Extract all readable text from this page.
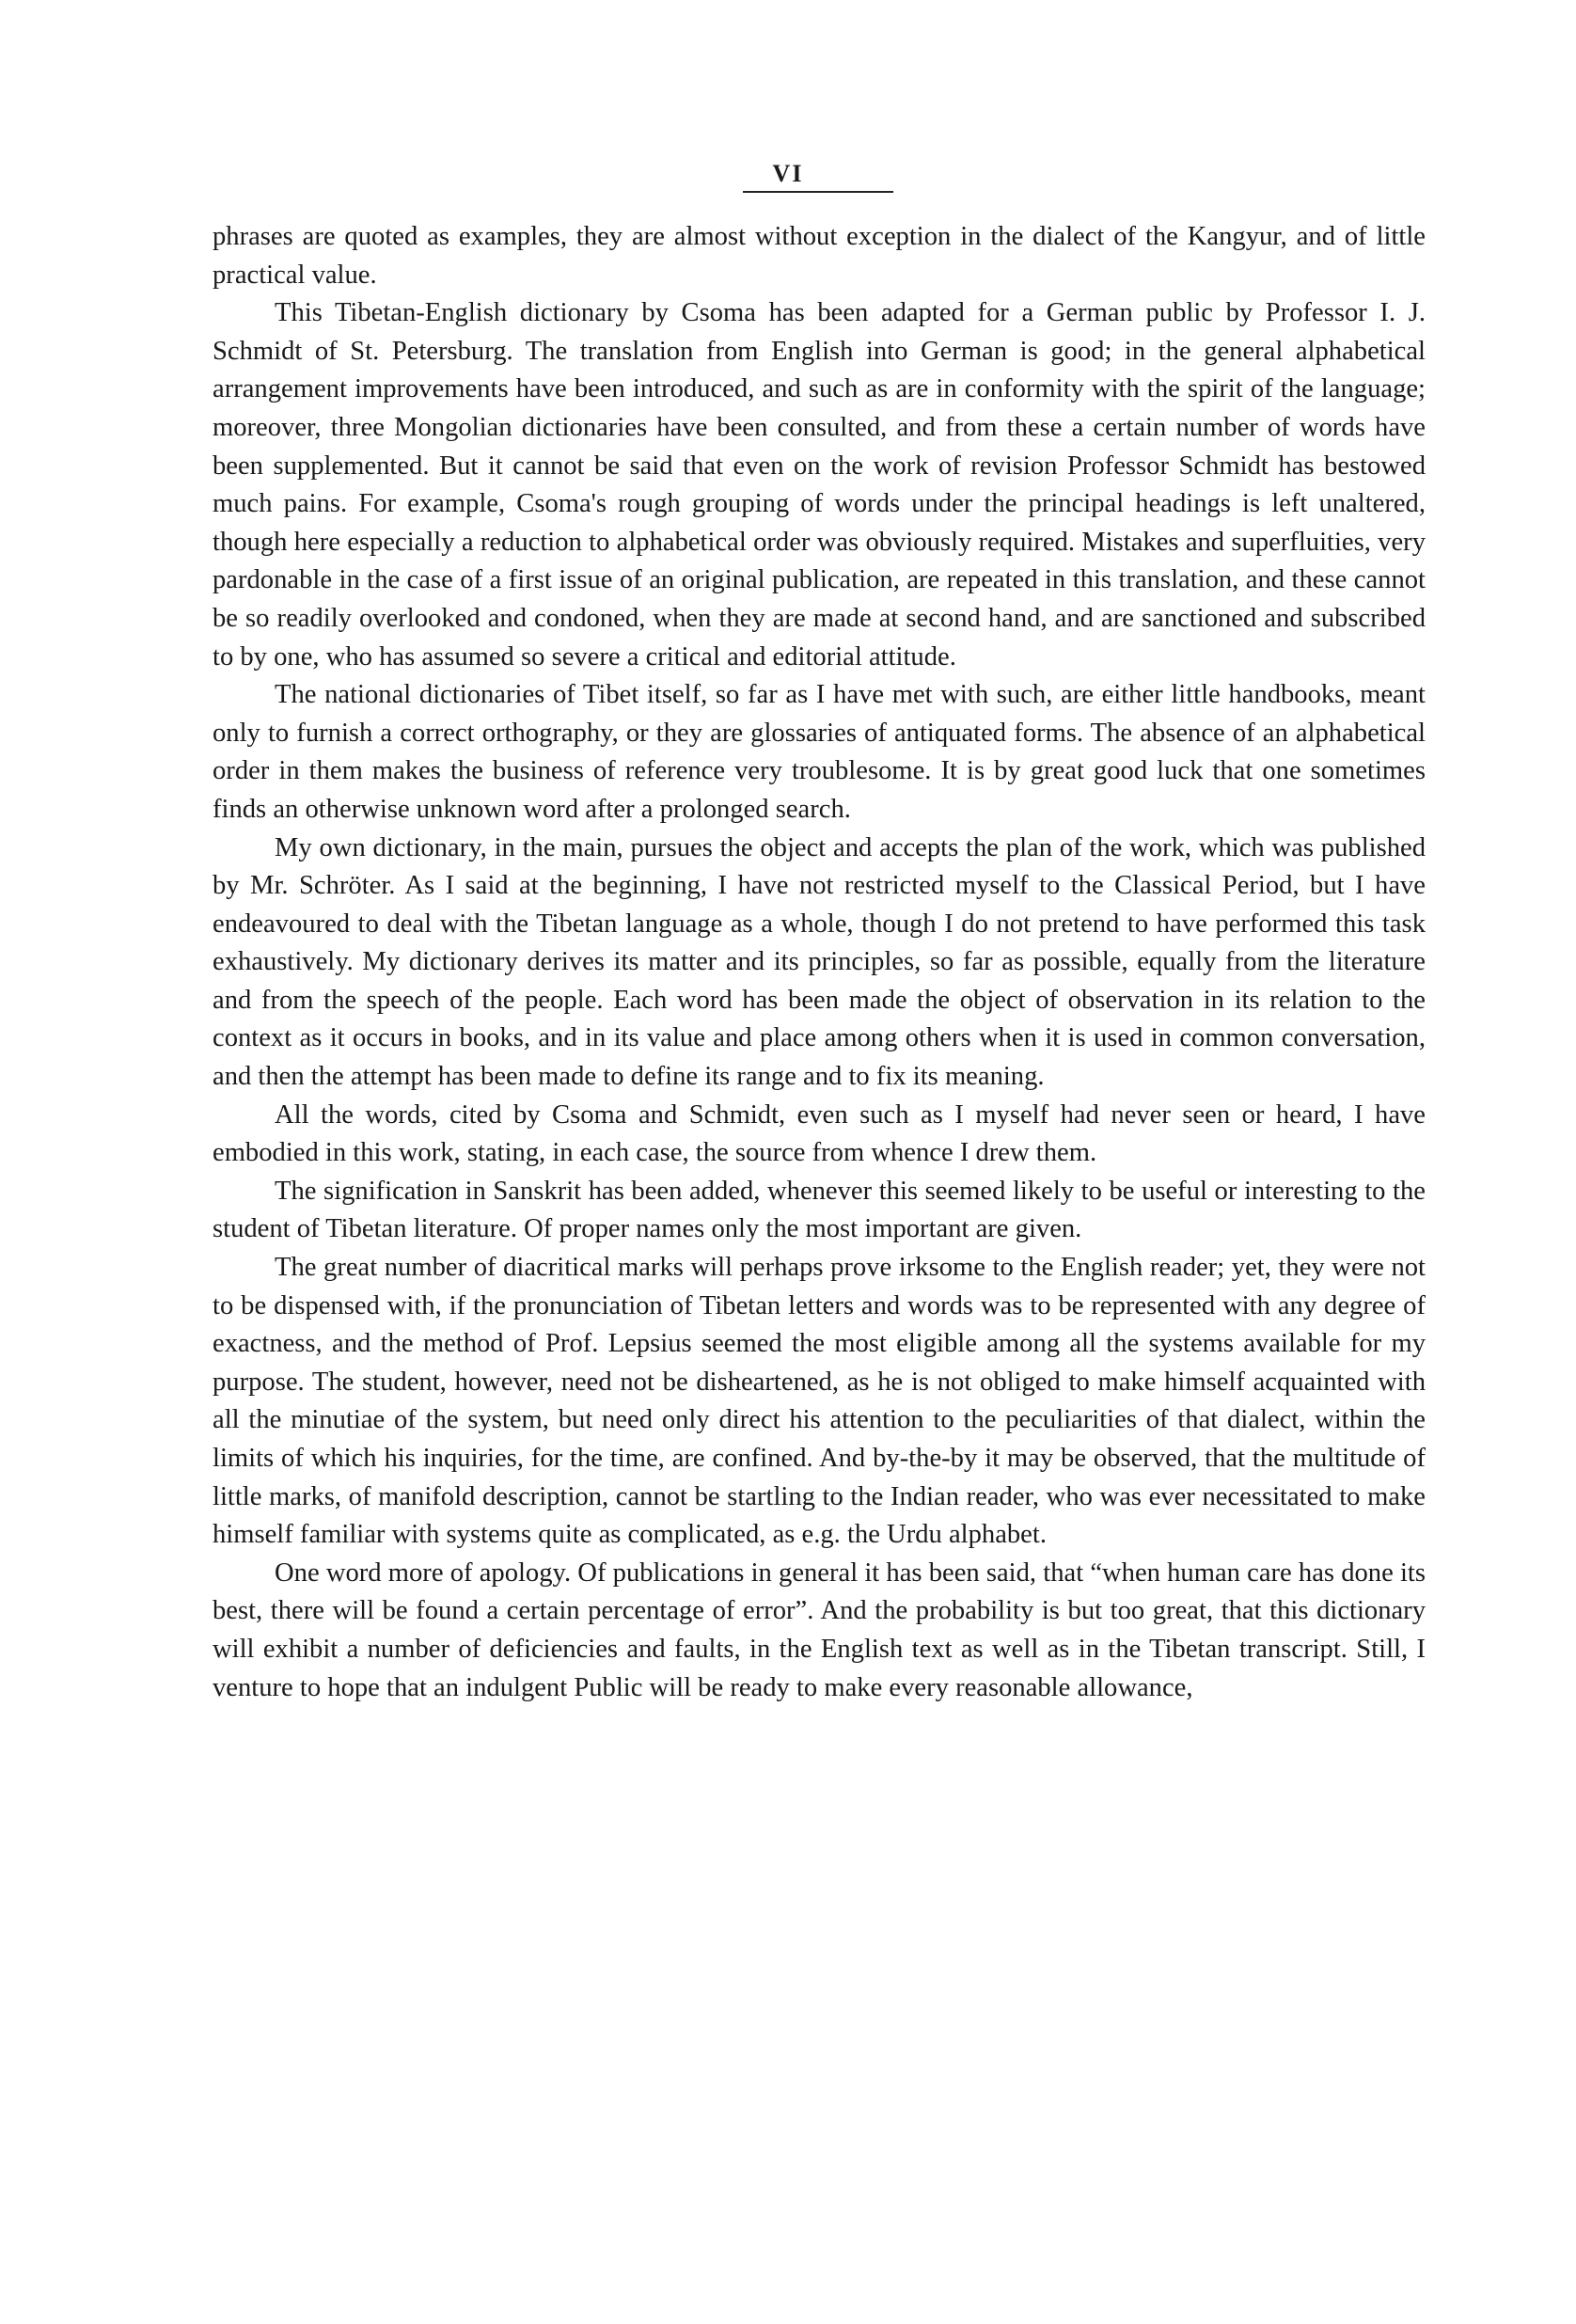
VI

phrases are quoted as examples, they are almost without exception in the dialect of the Kangyur, and of little practical value.

This Tibetan-English dictionary by Csoma has been adapted for a German public by Professor I. J. Schmidt of St. Petersburg. The translation from English into German is good; in the general alphabetical arrangement improvements have been introduced, and such as are in conformity with the spirit of the language; moreover, three Mongolian dictionaries have been consulted, and from these a certain number of words have been supplemented. But it cannot be said that even on the work of revision Professor Schmidt has bestowed much pains. For example, Csoma's rough grouping of words under the principal headings is left unaltered, though here especially a reduction to alphabetical order was obviously required. Mistakes and superfluities, very pardonable in the case of a first issue of an original publication, are repeated in this translation, and these cannot be so readily overlooked and condoned, when they are made at second hand, and are sanctioned and subscribed to by one, who has assumed so severe a critical and editorial attitude.

The national dictionaries of Tibet itself, so far as I have met with such, are either little handbooks, meant only to furnish a correct orthography, or they are glossaries of antiquated forms. The absence of an alphabetical order in them makes the business of reference very troublesome. It is by great good luck that one sometimes finds an otherwise unknown word after a prolonged search.

My own dictionary, in the main, pursues the object and accepts the plan of the work, which was published by Mr. Schröter. As I said at the beginning, I have not restricted myself to the Classical Period, but I have endeavoured to deal with the Tibetan language as a whole, though I do not pretend to have performed this task exhaustively. My dictionary derives its matter and its principles, so far as possible, equally from the literature and from the speech of the people. Each word has been made the object of observation in its relation to the context as it occurs in books, and in its value and place among others when it is used in common conversation, and then the attempt has been made to define its range and to fix its meaning.

All the words, cited by Csoma and Schmidt, even such as I myself had never seen or heard, I have embodied in this work, stating, in each case, the source from whence I drew them.

The signification in Sanskrit has been added, whenever this seemed likely to be useful or interesting to the student of Tibetan literature. Of proper names only the most important are given.

The great number of diacritical marks will perhaps prove irksome to the English reader; yet, they were not to be dispensed with, if the pronunciation of Tibetan letters and words was to be represented with any degree of exactness, and the method of Prof. Lepsius seemed the most eligible among all the systems available for my purpose. The student, however, need not be disheartened, as he is not obliged to make himself acquainted with all the minutiae of the system, but need only direct his attention to the peculiarities of that dialect, within the limits of which his inquiries, for the time, are confined. And by-the-by it may be observed, that the multitude of little marks, of manifold description, cannot be startling to the Indian reader, who was ever necessitated to make himself familiar with systems quite as complicated, as e.g. the Urdu alphabet.

One word more of apology. Of publications in general it has been said, that “when human care has done its best, there will be found a certain percentage of error”. And the probability is but too great, that this dictionary will exhibit a number of deficiencies and faults, in the English text as well as in the Tibetan transcript. Still, I venture to hope that an indulgent Public will be ready to make every reasonable allowance,
